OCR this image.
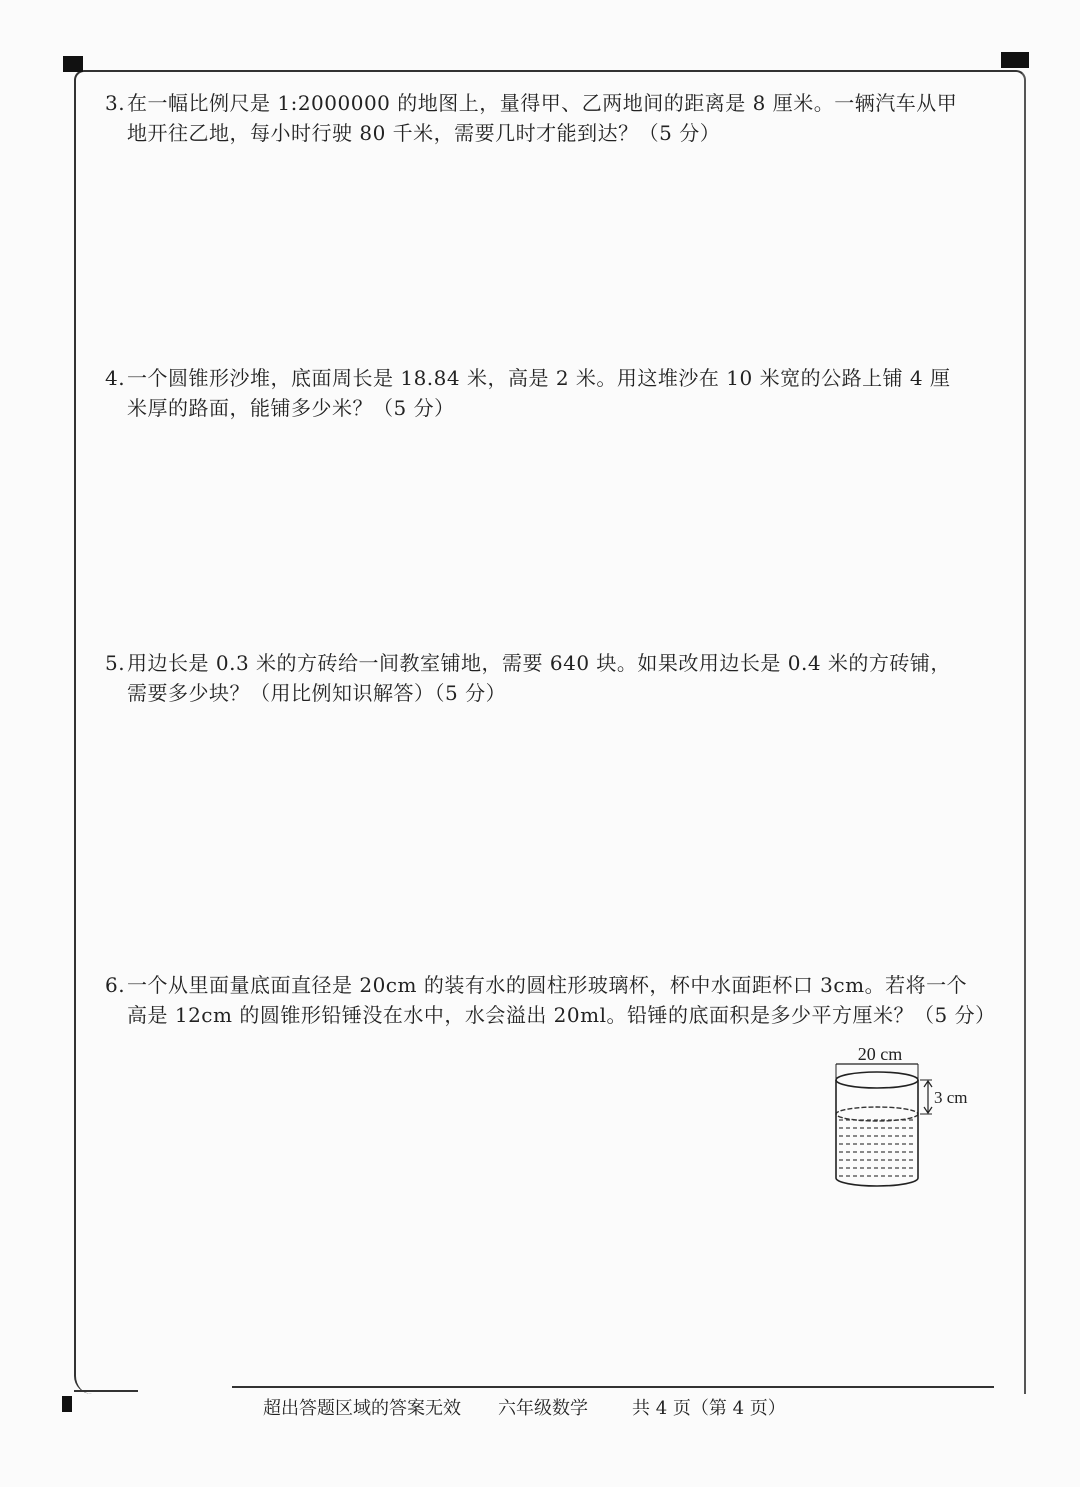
3.在一幅比例尺是 1:2000000 的地图上，量得甲、乙两地间的距离是 8 厘米。一辆汽车从甲
地开往乙地，每小时行驶 80 千米，需要几时才能到达？（5 分）
4.一个圆锥形沙堆，底面周长是 18.84 米，高是 2 米。用这堆沙在 10 米宽的公路上铺 4 厘
米厚的路面，能铺多少米？（5 分）
5.用边长是 0.3 米的方砖给一间教室铺地，需要 640 块。如果改用边长是 0.4 米的方砖铺，
需要多少块？（用比例知识解答）（5 分）
6.一个从里面量底面直径是 20cm 的装有水的圆柱形玻璃杯，杯中水面距杯口 3cm。若将一个
高是 12cm 的圆锥形铅锤没在水中，水会溢出 20ml。铅锤的底面积是多少平方厘米？（5 分）
20 cm
3 cm
超出答题区域的答案无效 六年级数学 共 4 页（第 4 页）
